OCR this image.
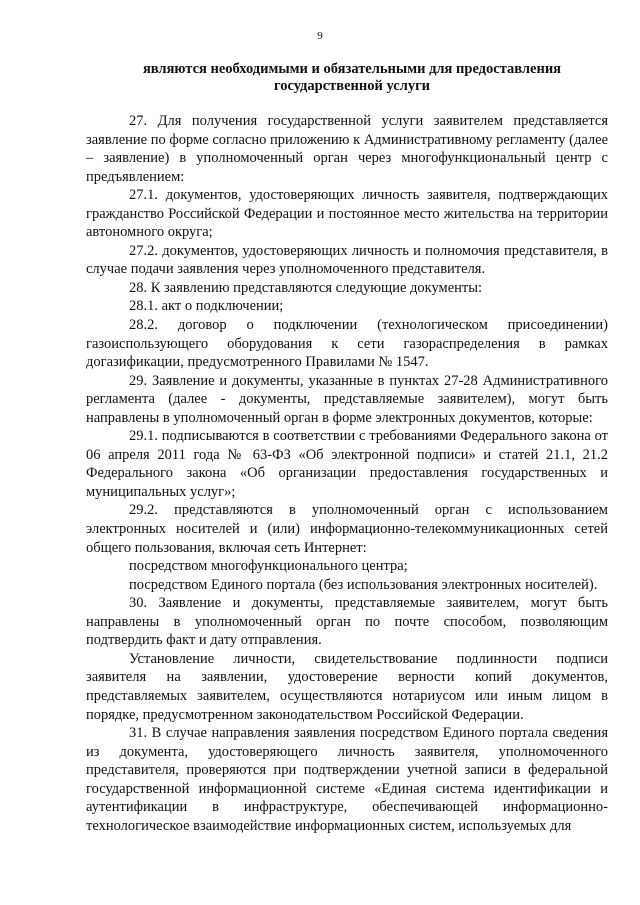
9
являются необходимыми и обязательными для предоставления государственной услуги

27. Для получения государственной услуги заявителем представляется заявление по форме согласно приложению к Административному регламенту (далее – заявление) в уполномоченный орган через многофункциональный центр с предъявлением:

27.1. документов, удостоверяющих личность заявителя, подтверждающих гражданство Российской Федерации и постоянное место жительства на территории автономного округа;

27.2. документов, удостоверяющих личность и полномочия представителя, в случае подачи заявления через уполномоченного представителя.

28. К заявлению представляются следующие документы:

28.1. акт о подключении;

28.2. договор о подключении (технологическом присоединении) газоиспользующего оборудования к сети газораспределения в рамках догазификации, предусмотренного Правилами № 1547.

29. Заявление и документы, указанные в пунктах 27-28 Административного регламента (далее - документы, представляемые заявителем), могут быть направлены в уполномоченный орган в форме электронных документов, которые:

29.1. подписываются в соответствии с требованиями Федерального закона от 06 апреля 2011 года № 63-ФЗ «Об электронной подписи» и статей 21.1, 21.2 Федерального закона «Об организации предоставления государственных и муниципальных услуг»;

29.2. представляются в уполномоченный орган с использованием электронных носителей и (или) информационно-телекоммуникационных сетей общего пользования, включая сеть Интернет:

посредством многофункционального центра;

посредством Единого портала (без использования электронных носителей).

30. Заявление и документы, представляемые заявителем, могут быть направлены в уполномоченный орган по почте способом, позволяющим подтвердить факт и дату отправления.

Установление личности, свидетельствование подлинности подписи заявителя на заявлении, удостоверение верности копий документов, представляемых заявителем, осуществляются нотариусом или иным лицом в порядке, предусмотренном законодательством Российской Федерации.

31. В случае направления заявления посредством Единого портала сведения из документа, удостоверяющего личность заявителя, уполномоченного представителя, проверяются при подтверждении учетной записи в федеральной государственной информационной системе «Единая система идентификации и аутентификации в инфраструктуре, обеспечивающей информационно-технологическое взаимодействие информационных систем, используемых для
